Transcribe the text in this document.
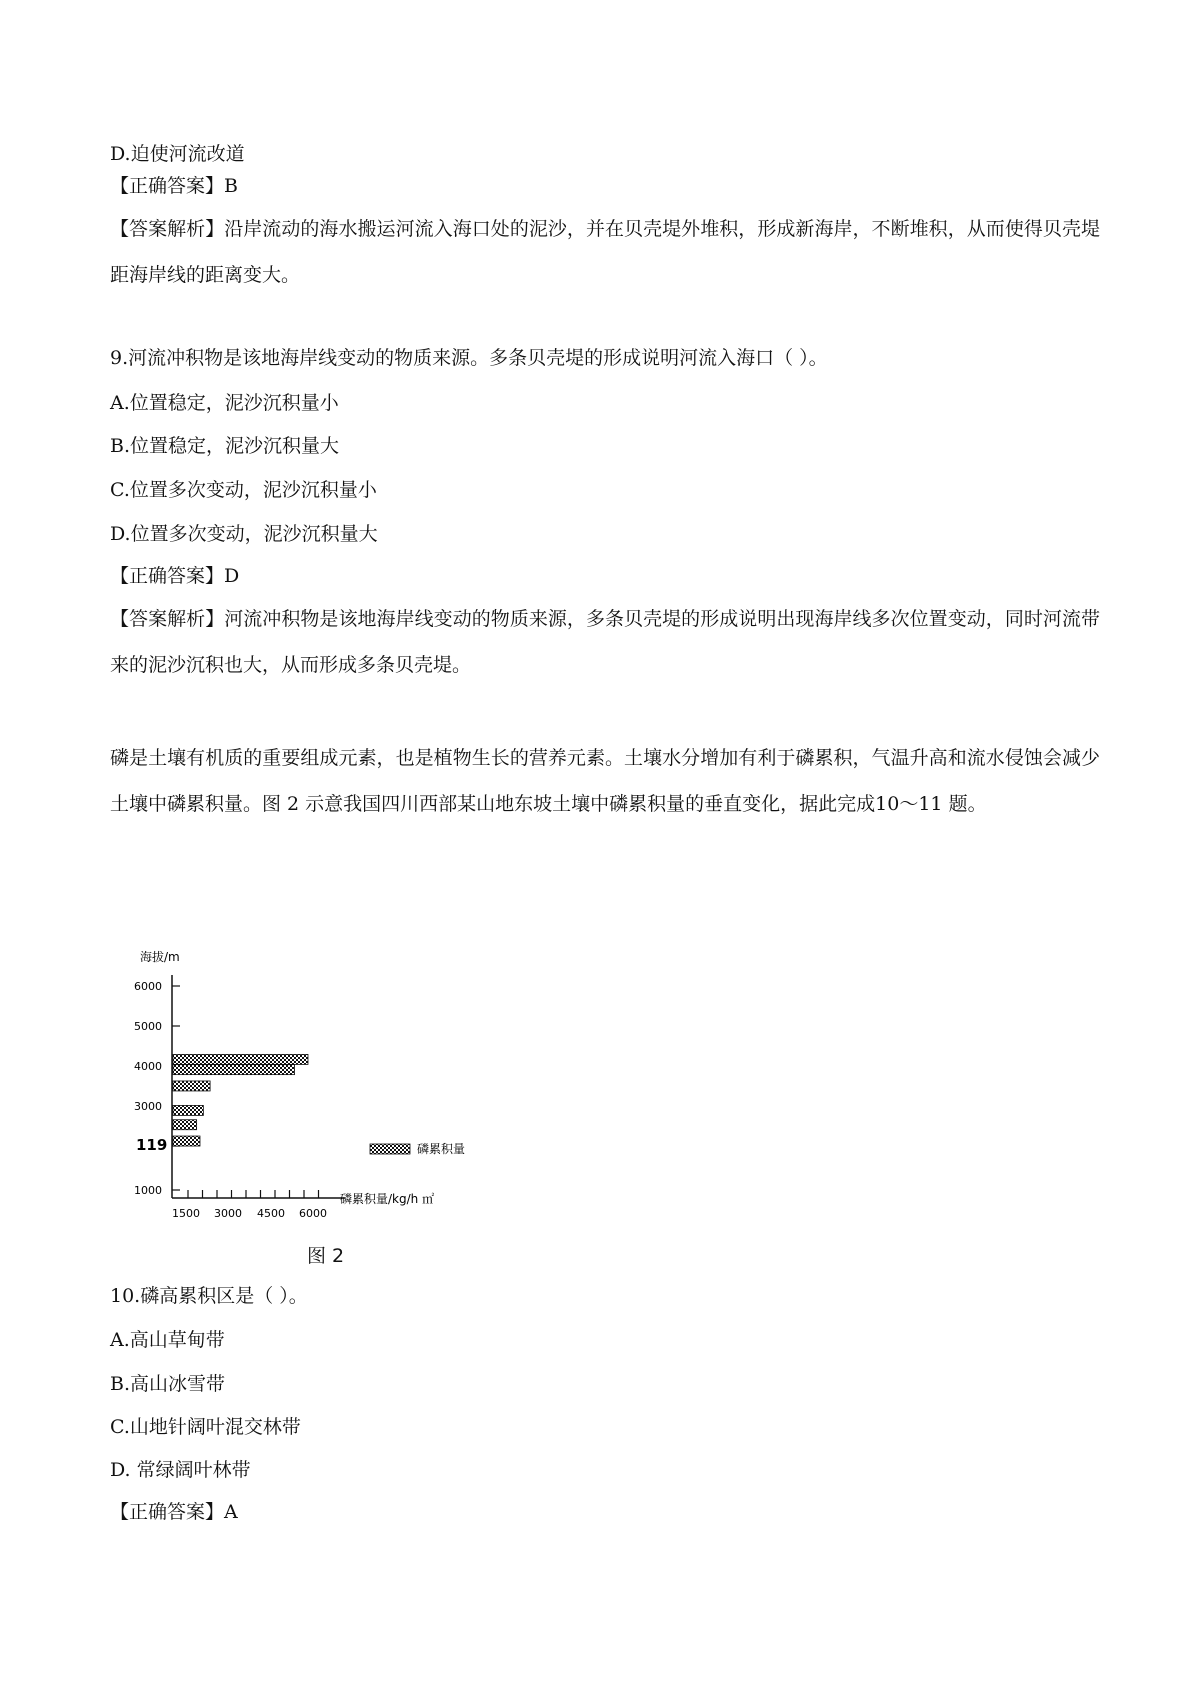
D.迫使河流改道
【正确答案】B
【答案解析】沿岸流动的海水搬运河流入海口处的泥沙，并在贝壳堤外堆积，形成新海岸，不断堆积，从而使得贝壳堤距海岸线的距离变大。
9.河流冲积物是该地海岸线变动的物质来源。多条贝壳堤的形成说明河流入海口（ ）。
A.位置稳定，泥沙沉积量小
B.位置稳定，泥沙沉积量大
C.位置多次变动，泥沙沉积量小
D.位置多次变动，泥沙沉积量大
【正确答案】D
【答案解析】河流冲积物是该地海岸线变动的物质来源，多条贝壳堤的形成说明出现海岸线多次位置变动，同时河流带来的泥沙沉积也大，从而形成多条贝壳堤。
磷是土壤有机质的重要组成元素，也是植物生长的营养元素。土壤水分增加有利于磷累积，气温升高和流水侵蚀会减少土壤中磷累积量。图 2 示意我国四川西部某山地东坡土壤中磷累积量的垂直变化，据此完成10～11 题。
海拔/m
6000
5000
4000
3000
119
1000
1500 3000 4500 6000
磷累积量
磷累积量/kg/h ㎡
图 2
10.磷高累积区是（ ）。
A.高山草甸带
B.高山冰雪带
C.山地针阔叶混交林带
D. 常绿阔叶林带
【正确答案】A
